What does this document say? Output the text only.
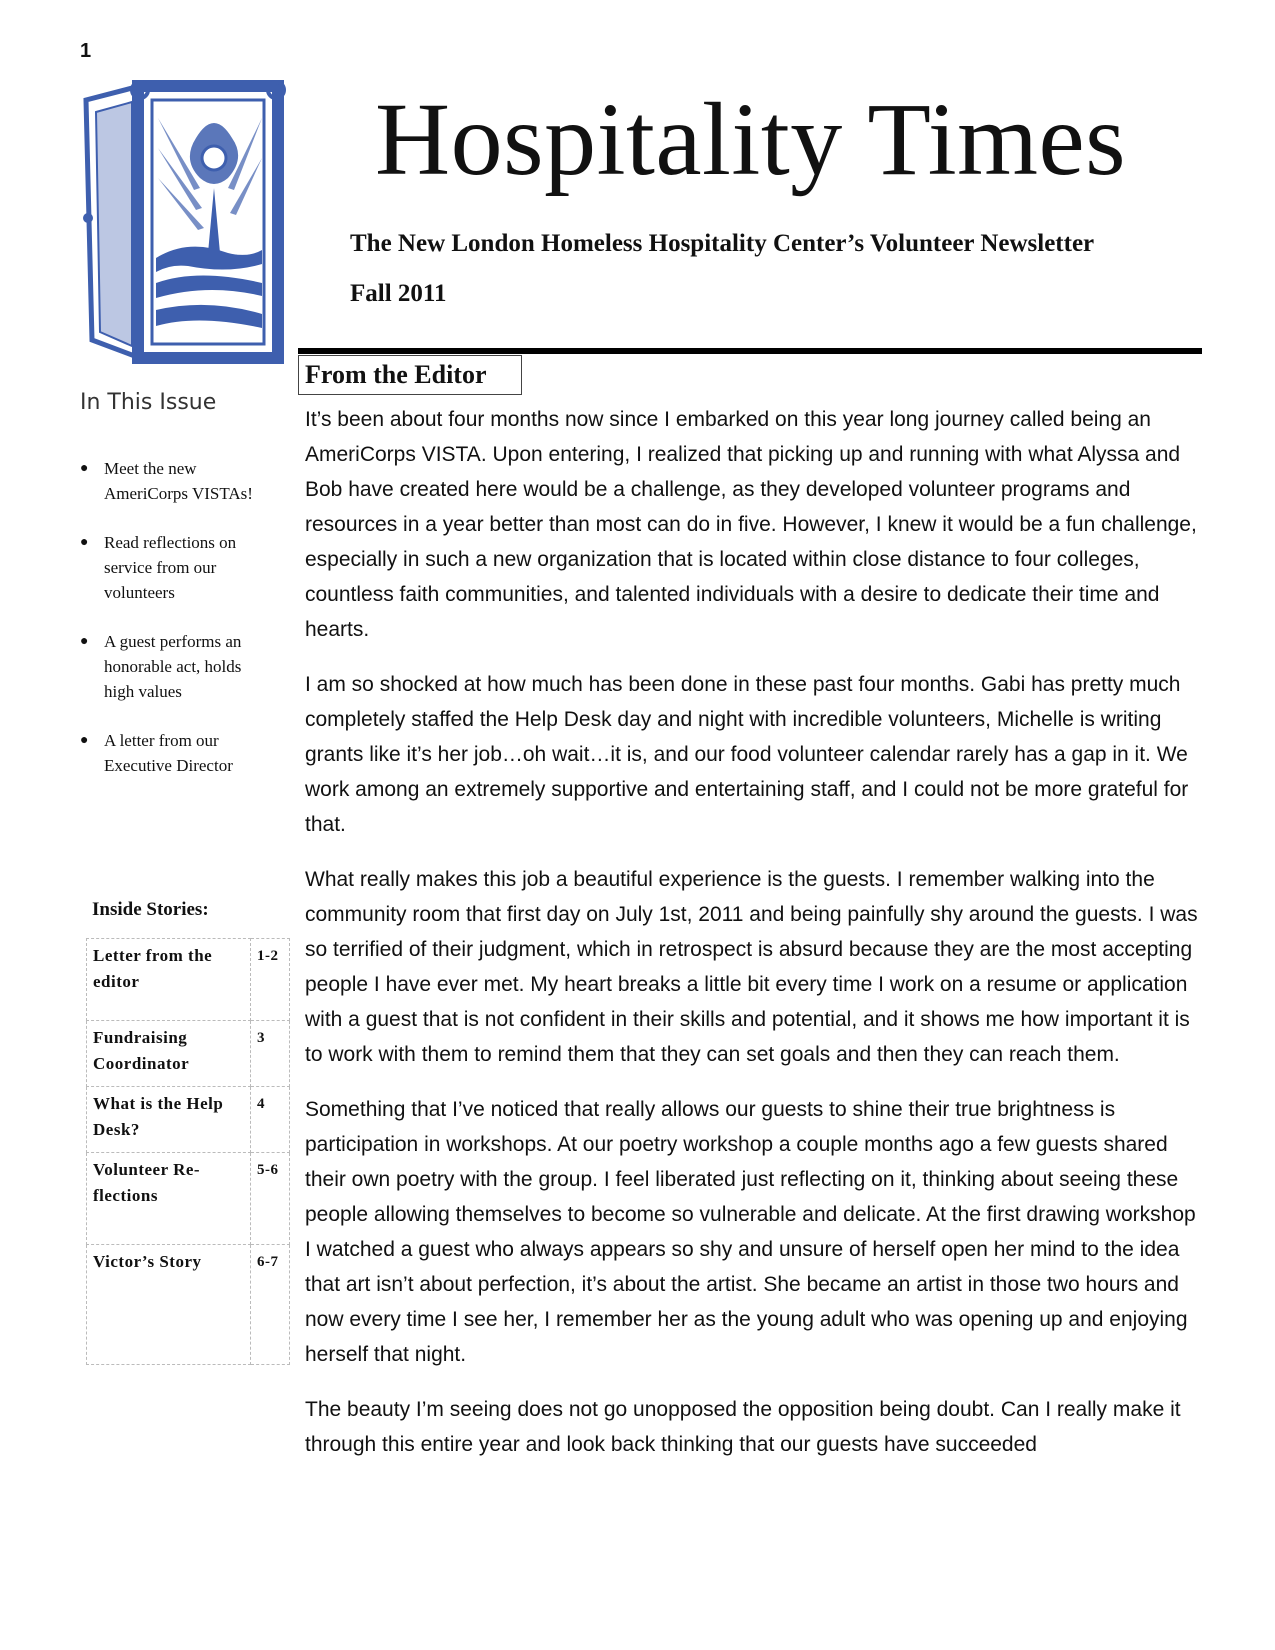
1
Hospitality Times
The New London Homeless Hospitality Center’s Volunteer Newsletter
Fall 2011
From the Editor

It’s been about four months now since I embarked on this year long journey called being an AmeriCorps VISTA. Upon entering, I realized that picking up and running with what Alyssa and Bob have created here would be a challenge, as they developed volunteer programs and resources in a year better than most can do in five. However, I knew it would be a fun challenge, especially in such a new organization that is located within close distance to four colleges, countless faith communities, and talented individuals with a desire to dedicate their time and hearts.

I am so shocked at how much has been done in these past four months. Gabi has pretty much completely staffed the Help Desk day and night with incredible volunteers, Michelle is writing grants like it’s her job…oh wait…it is, and our food volunteer calendar rarely has a gap in it. We work among an extremely supportive and entertaining staff, and I could not be more grateful for that.

What really makes this job a beautiful experience is the guests. I remember walking into the community room that first day on July 1st, 2011 and being painfully shy around the guests. I was so terrified of their judgment, which in retrospect is absurd because they are the most accepting people I have ever met. My heart breaks a little bit every time I work on a resume or application with a guest that is not confident in their skills and potential, and it shows me how important it is to work with them to remind them that they can set goals and then they can reach them.

Something that I’ve noticed that really allows our guests to shine their true brightness is participation in workshops. At our poetry workshop a couple months ago a few guests shared their own poetry with the group. I feel liberated just reflecting on it, thinking about seeing these people allowing themselves to become so vulnerable and delicate. At the first drawing workshop I watched a guest who always appears so shy and unsure of herself open her mind to the idea that art isn’t about perfection, it’s about the artist. She became an artist in those two hours and now every time I see her, I remember her as the young adult who was opening up and enjoying herself that night.

The beauty I’m seeing does not go unopposed the opposition being doubt. Can I really make it through this entire year and look back thinking that our guests have succeeded

In This Issue
● Meet the new AmeriCorps VISTAs!
● Read reflections on service from our volunteers
● A guest performs an honorable act, holds high values
● A letter from our Executive Director
Inside Stories:
Letter from the editor	1-2
Fundraising Coordinator	3
What is the Help Desk?	4
Volunteer Re-flections	5-6
Victor’s Story	6-7
